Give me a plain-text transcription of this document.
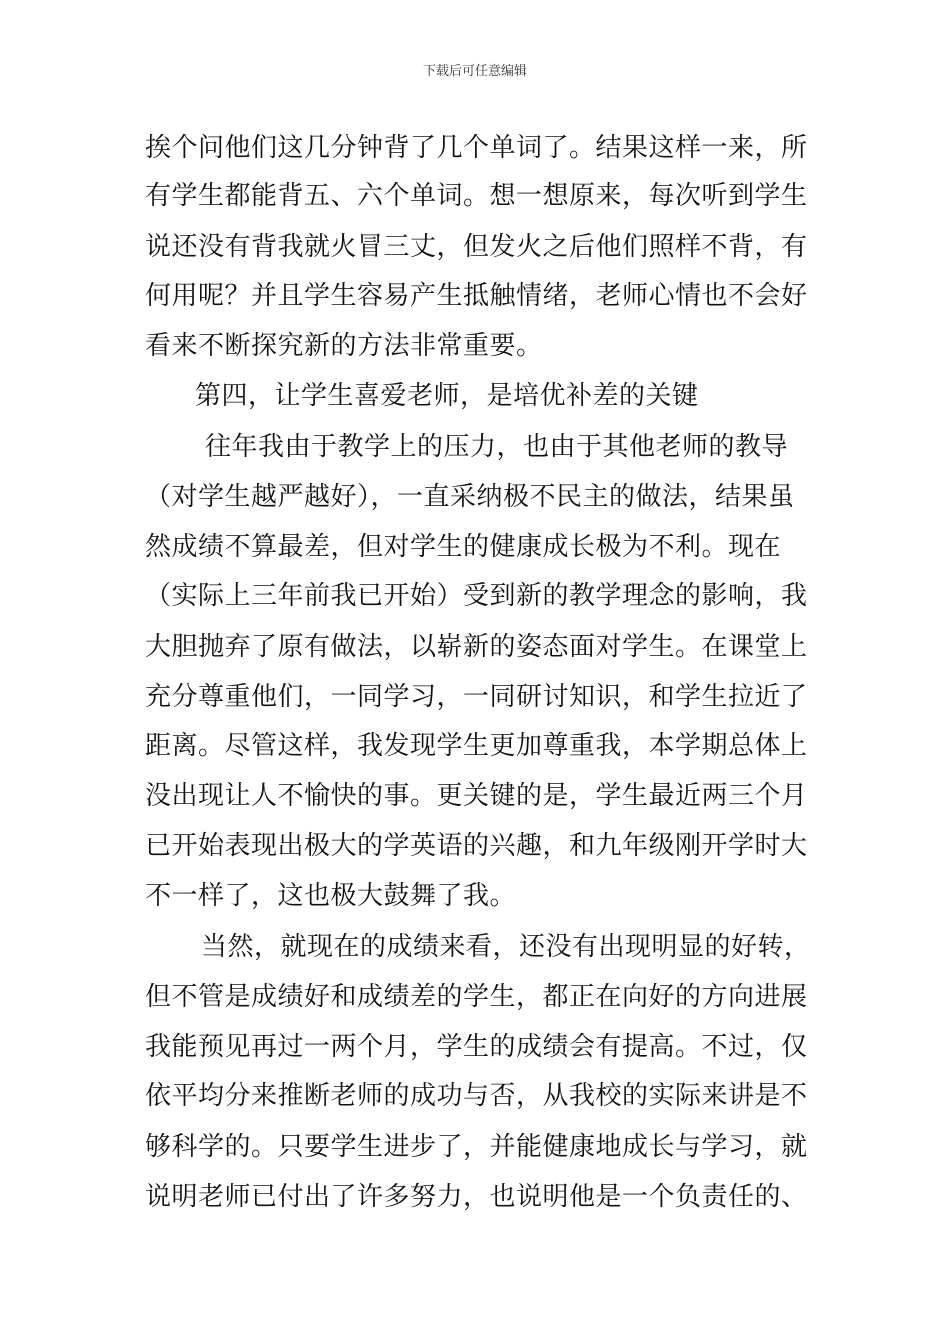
下载后可任意编辑
挨个问他们这几分钟背了几个单词了。结果这样一来，所
有学生都能背五、六个单词。想一想原来，每次听到学生
说还没有背我就火冒三丈，但发火之后他们照样不背，有
何用呢？并且学生容易产生抵触情绪，老师心情也不会好
看来不断探究新的方法非常重要。
第四，让学生喜爱老师，是培优补差的关键
往年我由于教学上的压力，也由于其他老师的教导
（对学生越严越好），一直采纳极不民主的做法，结果虽
然成绩不算最差，但对学生的健康成长极为不利。现在
（实际上三年前我已开始）受到新的教学理念的影响，我
大胆抛弃了原有做法，以崭新的姿态面对学生。在课堂上
充分尊重他们，一同学习，一同研讨知识，和学生拉近了
距离。尽管这样，我发现学生更加尊重我，本学期总体上
没出现让人不愉快的事。更关键的是，学生最近两三个月
已开始表现出极大的学英语的兴趣，和九年级刚开学时大
不一样了，这也极大鼓舞了我。
当然，就现在的成绩来看，还没有出现明显的好转，
但不管是成绩好和成绩差的学生，都正在向好的方向进展
我能预见再过一两个月，学生的成绩会有提高。不过，仅
依平均分来推断老师的成功与否，从我校的实际来讲是不
够科学的。只要学生进步了，并能健康地成长与学习，就
说明老师已付出了许多努力，也说明他是一个负责任的、
